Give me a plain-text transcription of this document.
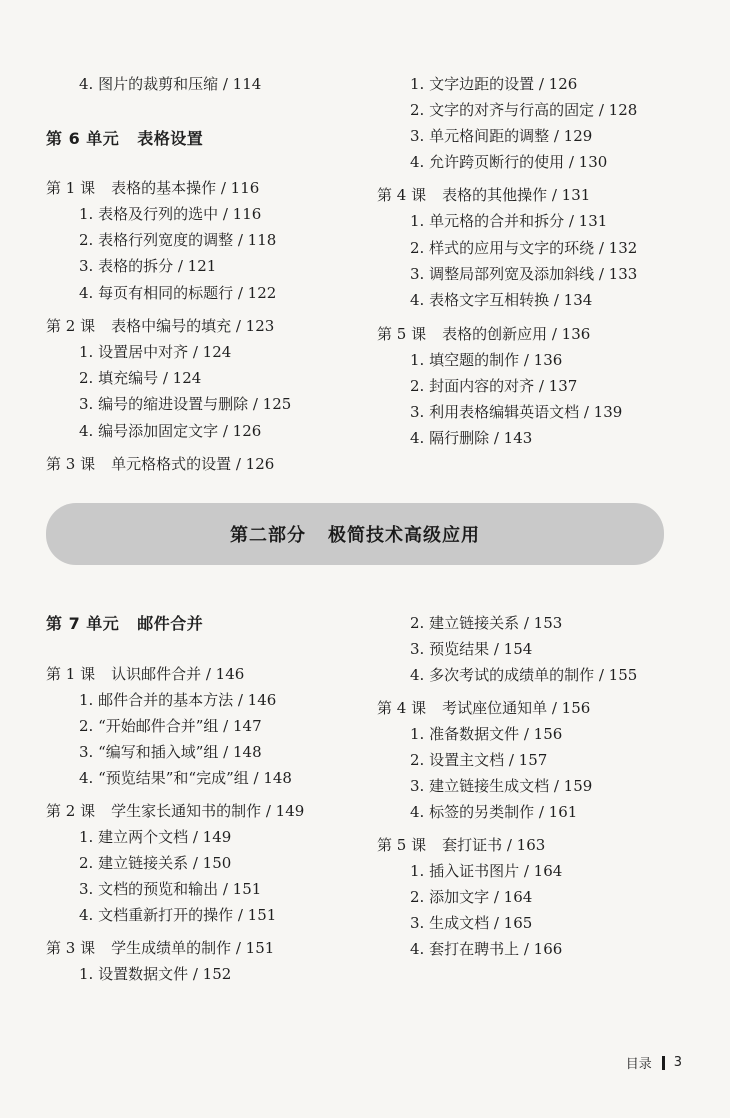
4. 图片的裁剪和压缩 / 114
第 6 单元 表格设置
第 1 课 表格的基本操作 / 116
1. 表格及行列的选中 / 116
2. 表格行列宽度的调整 / 118
3. 表格的拆分 / 121
4. 每页有相同的标题行 / 122
第 2 课 表格中编号的填充 / 123
1. 设置居中对齐 / 124
2. 填充编号 / 124
3. 编号的缩进设置与删除 / 125
4. 编号添加固定文字 / 126
第 3 课 单元格格式的设置 / 126
1. 文字边距的设置 / 126
2. 文字的对齐与行高的固定 / 128
3. 单元格间距的调整 / 129
4. 允许跨页断行的使用 / 130
第 4 课 表格的其他操作 / 131
1. 单元格的合并和拆分 / 131
2. 样式的应用与文字的环绕 / 132
3. 调整局部列宽及添加斜线 / 133
4. 表格文字互相转换 / 134
第 5 课 表格的创新应用 / 136
1. 填空题的制作 / 136
2. 封面内容的对齐 / 137
3. 利用表格编辑英语文档 / 139
4. 隔行删除 / 143
第二部分 极简技术高级应用
第 7 单元 邮件合并
第 1 课 认识邮件合并 / 146
1. 邮件合并的基本方法 / 146
2. “开始邮件合并”组 / 147
3. “编写和插入域”组 / 148
4. “预览结果”和“完成”组 / 148
第 2 课 学生家长通知书的制作 / 149
1. 建立两个文档 / 149
2. 建立链接关系 / 150
3. 文档的预览和输出 / 151
4. 文档重新打开的操作 / 151
第 3 课 学生成绩单的制作 / 151
1. 设置数据文件 / 152
2. 建立链接关系 / 153
3. 预览结果 / 154
4. 多次考试的成绩单的制作 / 155
第 4 课 考试座位通知单 / 156
1. 准备数据文件 / 156
2. 设置主文档 / 157
3. 建立链接生成文档 / 159
4. 标签的另类制作 / 161
第 5 课 套打证书 / 163
1. 插入证书图片 / 164
2. 添加文字 / 164
3. 生成文档 / 165
4. 套打在聘书上 / 166
目录 3
